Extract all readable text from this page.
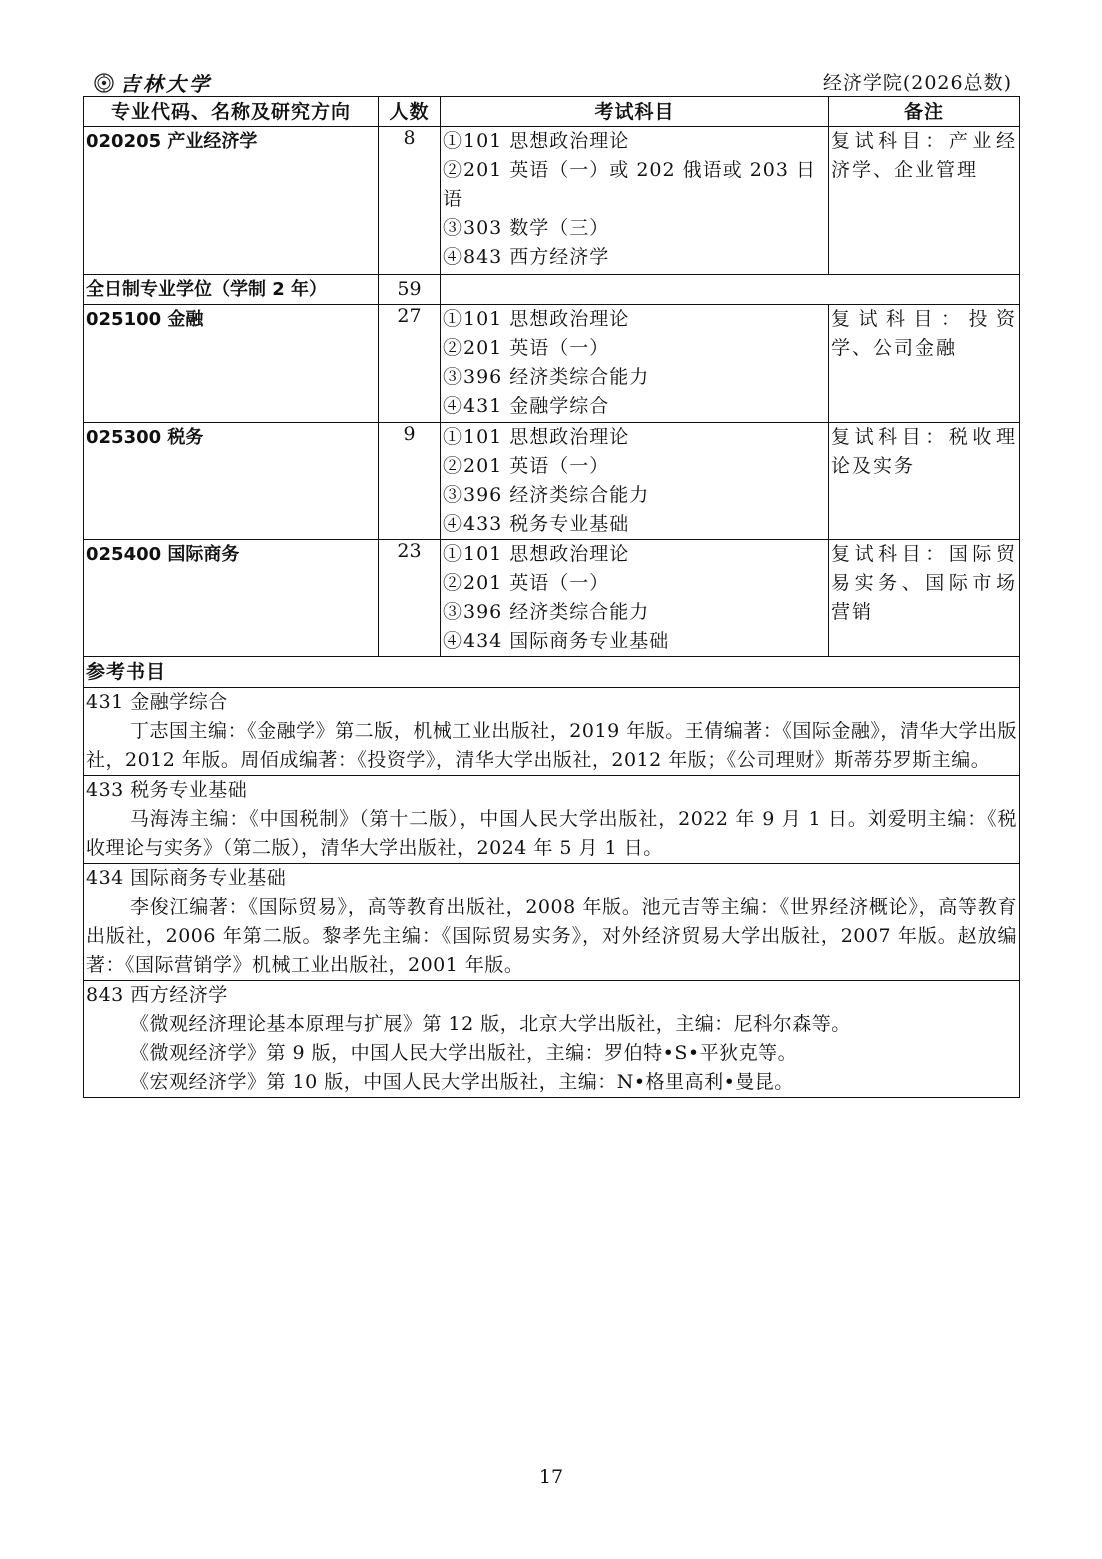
吉林大学	经济学院(2026总数)
专业代码、名称及研究方向	人数	考试科目	备注
020205 产业经济学	8	①101 思想政治理论
②201 英语（一）或 202 俄语或 203 日语
③303 数学（三）
④843 西方经济学	复试科目：产业经济学、企业管理
全日制专业学位（学制 2 年）	59		
025100 金融	27	①101 思想政治理论
②201 英语（一）
③396 经济类综合能力
④431 金融学综合	复试科目：投资学、公司金融
025300 税务	9	①101 思想政治理论
②201 英语（一）
③396 经济类综合能力
④433 税务专业基础	复试科目：税收理论及实务
025400 国际商务	23	①101 思想政治理论
②201 英语（一）
③396 经济类综合能力
④434 国际商务专业基础	复试科目：国际贸易实务、国际市场营销
参考书目			

431 金融学综合
丁志国主编：《金融学》第二版，机械工业出版社，2019 年版。王倩编著：《国际金融》，清华大学出版社，2012 年版。周佰成编著：《投资学》，清华大学出版社，2012 年版；《公司理财》斯蒂芬罗斯主编。			

433 税务专业基础
马海涛主编：《中国税制》（第十二版），中国人民大学出版社，2022 年 9 月 1 日。刘爱明主编：《税收理论与实务》（第二版），清华大学出版社，2024 年 5 月 1 日。			

434 国际商务专业基础
李俊江编著：《国际贸易》，高等教育出版社，2008 年版。池元吉等主编：《世界经济概论》，高等教育出版社，2006 年第二版。黎孝先主编：《国际贸易实务》，对外经济贸易大学出版社，2007 年版。赵放编著：《国际营销学》机械工业出版社，2001 年版。			

843 西方经济学
《微观经济理论基本原理与扩展》第 12 版，北京大学出版社，主编：尼科尔森等。
《微观经济学》第 9 版，中国人民大学出版社，主编：罗伯特•S•平狄克等。
《宏观经济学》第 10 版，中国人民大学出版社，主编：N•格里高利•曼昆。			
17
